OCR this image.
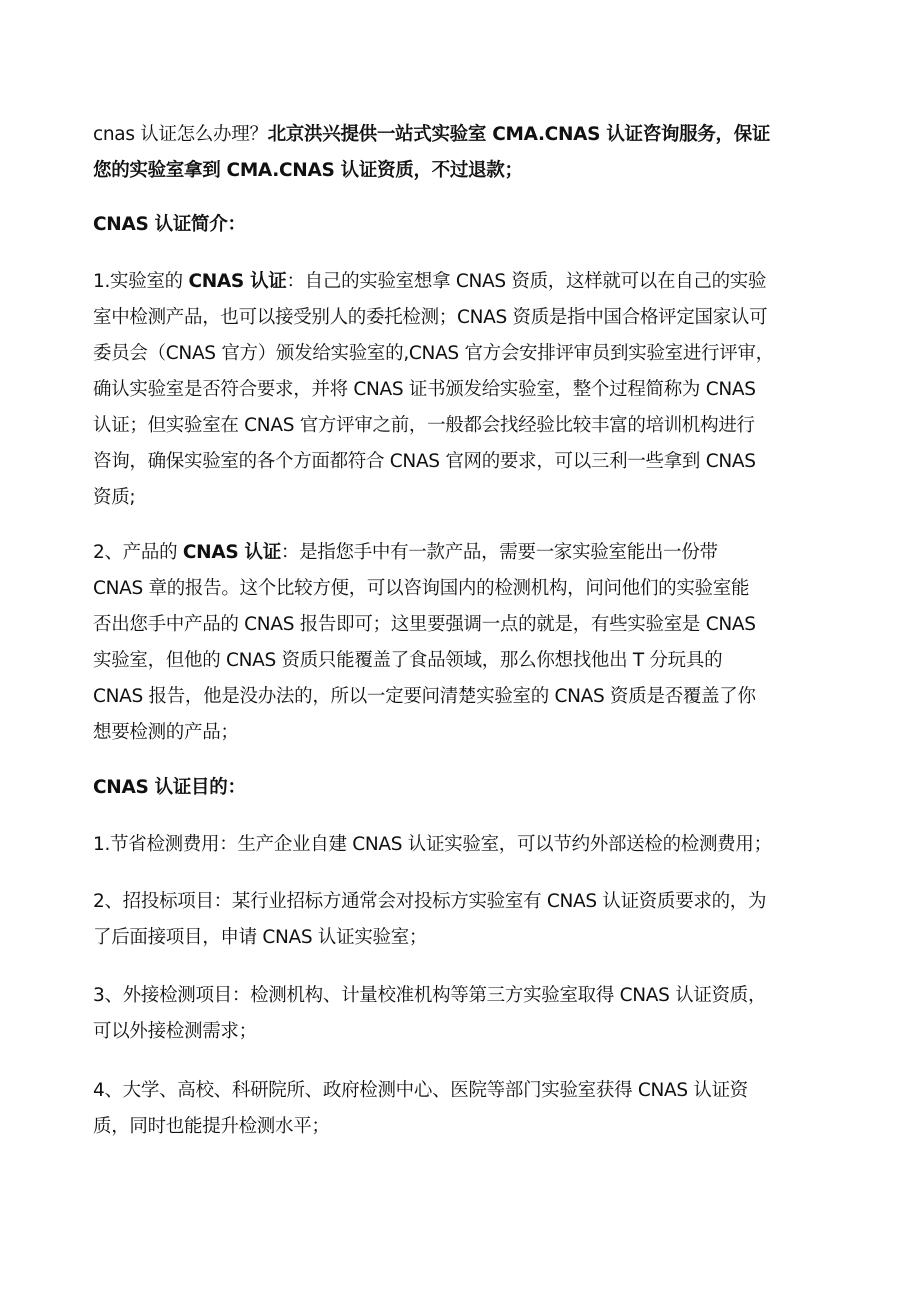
cnas 认证怎么办理？北京洪兴提供一站式实验室 CMA.CNAS 认证咨询服务，保证
您的实验室拿到 CMA.CNAS 认证资质，不过退款；
CNAS 认证简介：
1.实验室的 CNAS 认证：自己的实验室想拿 CNAS 资质，这样就可以在自己的实验
室中检测产品，也可以接受别人的委托检测；CNAS 资质是指中国合格评定国家认可
委员会（CNAS 官方）颁发给实验室的,CNAS 官方会安排评审员到实验室进行评审，
确认实验室是否符合要求，并将 CNAS 证书颁发给实验室，整个过程简称为 CNAS
认证；但实验室在 CNAS 官方评审之前，一般都会找经验比较丰富的培训机构进行
咨询，确保实验室的各个方面都符合 CNAS 官网的要求，可以三利一些拿到 CNAS
资质;
2、产品的 CNAS 认证：是指您手中有一款产品，需要一家实验室能出一份带
CNAS 章的报告。这个比较方便，可以咨询国内的检测机构，问问他们的实验室能
否出您手中产品的 CNAS 报告即可；这里要强调一点的就是，有些实验室是 CNAS
实验室，但他的 CNAS 资质只能覆盖了食品领域，那么你想找他出 T 分玩具的
CNAS 报告，他是没办法的，所以一定要问清楚实验室的 CNAS 资质是否覆盖了你
想要检测的产品；
CNAS 认证目的：
1.节省检测费用：生产企业自建 CNAS 认证实验室，可以节约外部送检的检测费用；
2、招投标项目：某行业招标方通常会对投标方实验室有 CNAS 认证资质要求的，为
了后面接项目，申请 CNAS 认证实验室；
3、外接检测项目：检测机构、计量校准机构等第三方实验室取得 CNAS 认证资质，
可以外接检测需求；
4、大学、高校、科研院所、政府检测中心、医院等部门实验室获得 CNAS 认证资
质，同时也能提升检测水平；
